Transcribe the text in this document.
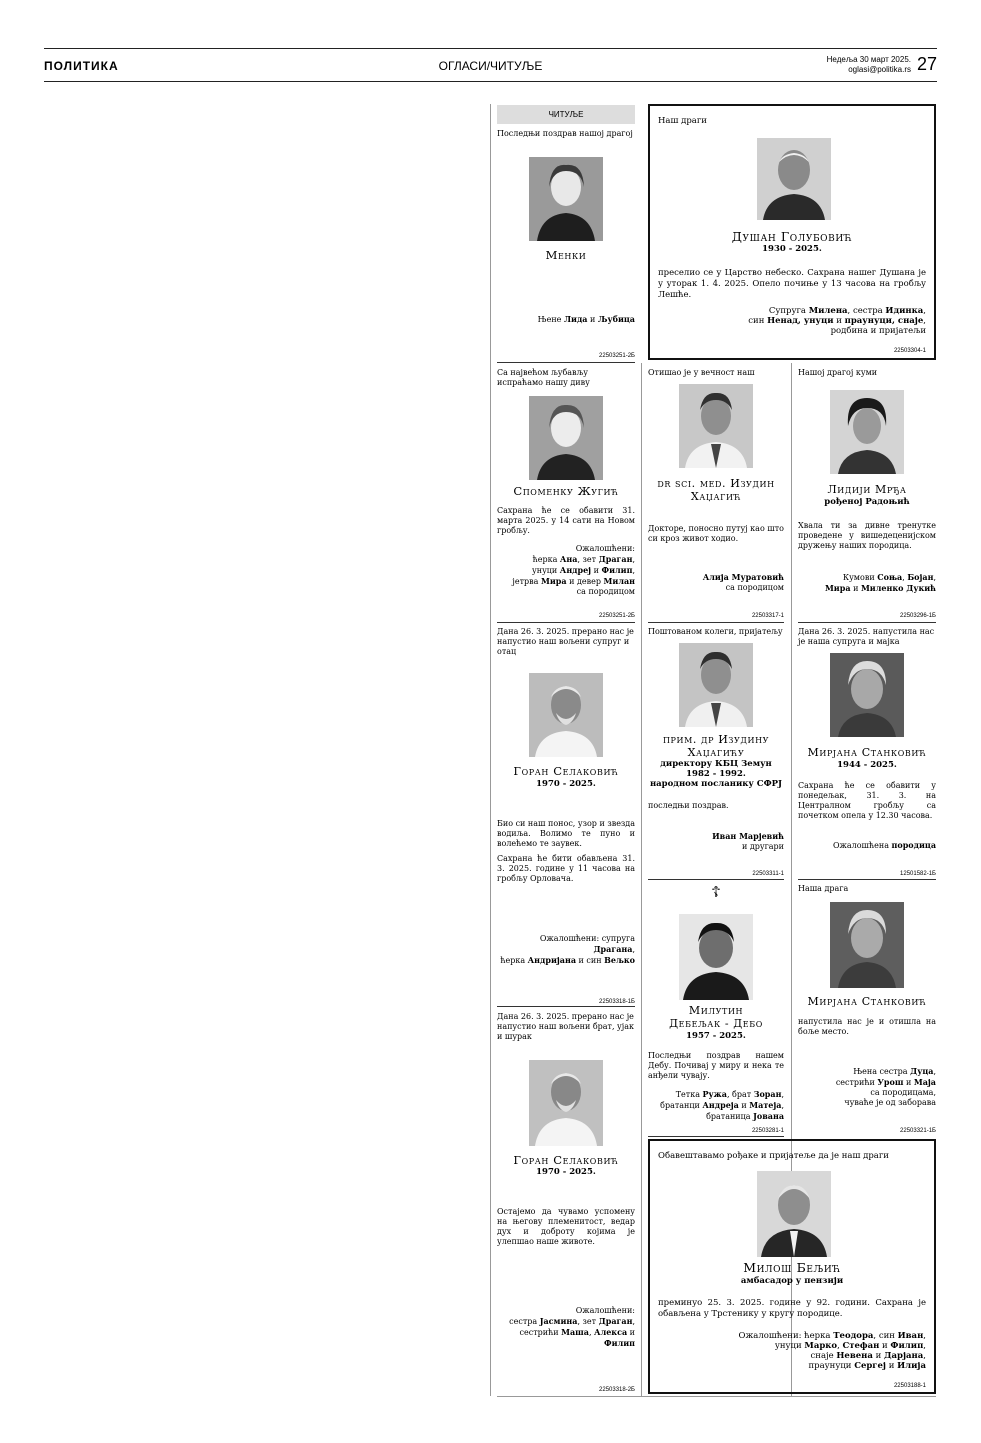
ПОЛИТИКА	ОГЛАСИ/ЧИТУЉЕ	Недеља 30 март 2025.
oglasi@politika.rs 27
ЧИТУЉЕ
Последњи поздрав нашој драгој
Менки
Њене Лида и Љубица
22503251-2Б
Наш драги
Душан Голубовић
1930 - 2025.
преселио се у Царство небеско. Сахрана нашег Душана је у уторак 1. 4. 2025. Опело почиње у 13 часова на гробљу Лешће.
Супруга Милена, сестра Идинка,
син Ненад, унуци и праунуци, снаје,
родбина и пријатељи
22503304-1
Са највећом љубављу испраћамо нашу диву
Споменку Жугић
Сахрана ће се обавити 31. марта 2025. у 14 сати на Новом гробљу.
Ожалошћени:
ћерка Ана, зет Драган,
унуци Андреј и Филип,
јетрва Мира и девер Милан
са породицом
22503251-2Б
Отишао је у вечност наш
dr sci. med. Изудин
Хаџагић
Докторе, поносно путуј као што си кроз живот ходио.
Алија Муратовић
са породицом
22503317-1
Нашој драгој куми
Лидији Мрђа
рођеној Радоњић
Хвала ти за дивне тренутке проведене у вишедеценијском дружењу наших породица.
Кумови Соња, Бојан,
Мира и Миленко Дукић
22503296-1Б
Дана 26. 3. 2025. прерано нас је напустио наш вољени супруг и отац
Горан Селаковић
1970 - 2025.
Био си наш понос, узор и звезда водиља. Волимо те пуно и волећемо те заувек.
Сахрана ће бити обављена 31. 3. 2025. године у 11 часова на гробљу Орловача.
Ожалошћени: супруга Драгана,
ћерка Андријана и син Вељко
22503318-1Б
Поштованом колеги, пријатељу
прим. др Изудину
Хаџагићу
директору КБЦ Земун
1982 - 1992.
народном посланику СФРЈ
последњи поздрав.
Иван Марјевић
и другари
22503311-1
Дана 26. 3. 2025. напустила нас је наша супруга и мајка
Мирјана Станковић
1944 - 2025.
Сахрана ће се обавити у понедељак, 31. 3. на Централном гробљу са почетком опела у 12.30 часова.
Ожалошћена породица
12501582-1Б
☦
Милутин
Дебељак - Дебо
1957 - 2025.
Последњи поздрав нашем Дебу. Почивај у миру и нека те анђели чувају.
Тетка Ружа, брат Зоран,
братанци Андреја и Матеја,
братаница Јована
22503281-1
Наша драга
Мирјана Станковић
напустила нас је и отишла на боље место.
Њена сестра Дуца,
сестрићи Урош и Маја
са породицама,
чуваће је од заборава
22503321-1Б
Дана 26. 3. 2025. прерано нас је напустио наш вољени брат, ујак и шурак
Горан Селаковић
1970 - 2025.
Остајемо да чувамо успомену на његову племенитост, ведар дух и доброту којима је улепшао наше животе.
Ожалошћени:
сестра Јасмина, зет Драган,
сестрићи Маша, Алекса и Филип
22503318-2Б
Обавештавамо рођаке и пријатеље да је наш драги
Милош Бељић
амбасадор у пензији
преминуо 25. 3. 2025. године у 92. години. Сахрана је обављена у Трстенику у кругу породице.
Ожалошћени: ћерка Теодора, син Иван,
унуци Марко, Стефан и Филип,
снаје Невена и Дарјана,
праунуци Сергеј и Илија
22503188-1
